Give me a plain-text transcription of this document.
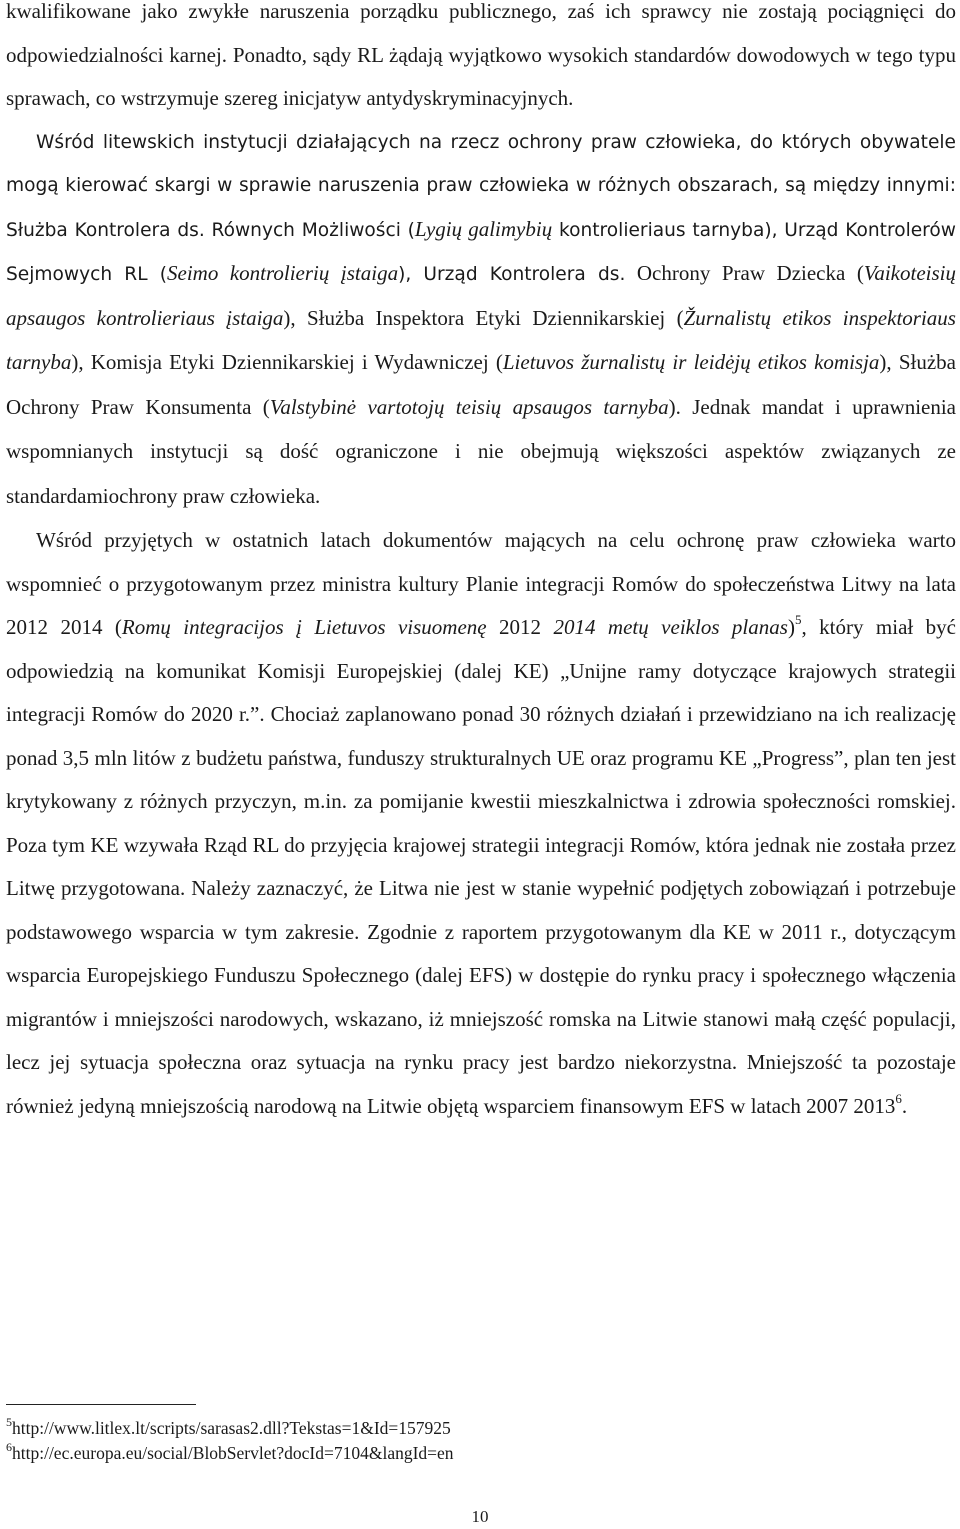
kwalifikowane jako zwykłe naruszenia porządku publicznego, zaś ich sprawcy nie zostają pociągnięci do odpowiedzialności karnej. Ponadto, sądy RL żądają wyjątkowo wysokich standardów dowodowych w tego typu sprawach, co wstrzymuje szereg inicjatyw antydyskryminacyjnych.

Wśród litewskich instytucji działających na rzecz ochrony praw człowieka, do których obywatele mogą kierować skargi w sprawie naruszenia praw człowieka w różnych obszarach, są między innymi: Służba Kontrolera ds. Równych Możliwości (Lygių galimybių kontrolieriaus tarnyba), Urząd Kontrolerów Sejmowych RL (Seimo kontrolierių įstaiga), Urząd Kontrolera ds. Ochrony Praw Dziecka (Vaikoteisių apsaugos kontrolieriaus įstaiga), Służba Inspektora Etyki Dziennikarskiej (Žurnalistų etikos inspektoriaus tarnyba), Komisja Etyki Dziennikarskiej i Wydawniczej (Lietuvos žurnalistų ir leidėjų etikos komisja), Służba Ochrony Praw Konsumenta (Valstybinė vartotojų teisių apsaugos tarnyba). Jednak mandat i uprawnienia wspomnianych instytucji są dość ograniczone i nie obejmują większości aspektów związanych ze standardamiochrony praw człowieka.

Wśród przyjętych w ostatnich latach dokumentów mających na celu ochronę praw człowieka warto wspomnieć o przygotowanym przez ministra kultury Planie integracji Romów do społeczeństwa Litwy na lata 2012 2014 (Romų integracijos į Lietuvos visuomenę 2012 2014 metų veiklos planas)$^5$, który miał być odpowiedzią na komunikat Komisji Europejskiej (dalej KE) „Unijne ramy dotyczące krajowych strategii integracji Romów do 2020 r.”. Chociaż zaplanowano ponad 30 różnych działań i przewidziano na ich realizację ponad 3,5 mln litów z budżetu państwa, funduszy strukturalnych UE oraz programu KE „Progress”, plan ten jest krytykowany z różnych przyczyn, m.in. za pomijanie kwestii mieszkalnictwa i zdrowia społeczności romskiej. Poza tym KE wzywała Rząd RL do przyjęcia krajowej strategii integracji Romów, która jednak nie została przez Litwę przygotowana. Należy zaznaczyć, że Litwa nie jest w stanie wypełnić podjętych zobowiązań i potrzebuje podstawowego wsparcia w tym zakresie. Zgodnie z raportem przygotowanym dla KE w 2011 r., dotyczącym wsparcia Europejskiego Funduszu Społecznego (dalej EFS) w dostępie do rynku pracy i społecznego włączenia migrantów i mniejszości narodowych, wskazano, iż mniejszość romska na Litwie stanowi małą część populacji, lecz jej sytuacja społeczna oraz sytuacja na rynku pracy jest bardzo niekorzystna. Mniejszość ta pozostaje również jedyną mniejszością narodową na Litwie objętą wsparciem finansowym EFS w latach 2007 2013$^6$.

$^5$http://www.litlex.lt/scripts/sarasas2.dll?Tekstas=1&Id=157925
$^6$http://ec.europa.eu/social/BlobServlet?docId=7104&langId=en
10
